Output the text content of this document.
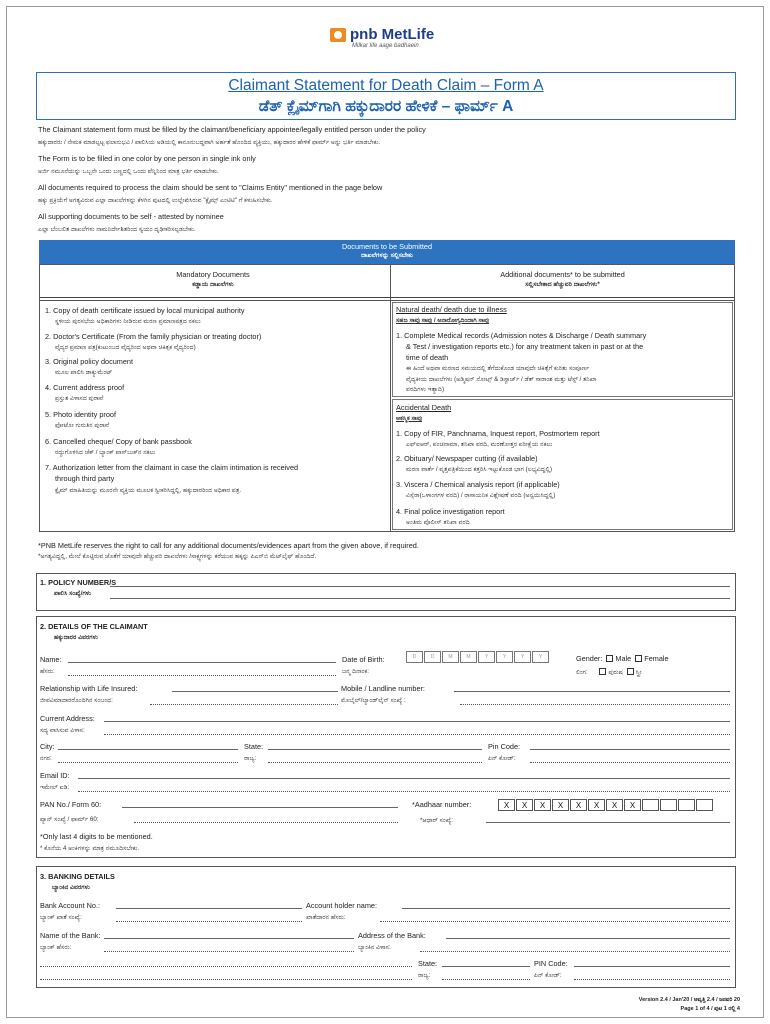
pnb MetLife
Milkar life aage badhaein
Claimant Statement for Death Claim – Form A
ಡೆತ್ ಕ್ಲೈಮ್‌ಗಾಗಿ ಹಕ್ಕುದಾರರ ಹೇಳಿಕೆ – ಫಾರ್ಮ್ A
The Claimant statement form must be filled by the claimant/beneficiary appointee/legally entitled person under the policy
ಹಕ್ಕುದಾರರು / ನೇಮಕ ಮಾಡಲ್ಪಟ್ಟ ಫಲಾನುಭವಿ / ಪಾಲಿಸಿಯ ಅಡಿಯಲ್ಲಿ ಕಾನೂನುಬದ್ಧವಾಗಿ ಅರ್ಹತೆ ಹೊಂದಿದ ವ್ಯಕ್ತಿಯು, ಹಕ್ಕುದಾರರ ಹೇಳಿಕೆ ಫಾರ್ಮ್ ಅನ್ನು ಭರ್ತಿ ಮಾಡಬೇಕು.
The Form is to be filled in one color by one person in single ink only
ಅರ್ಜಿ ನಮೂನೆಯನ್ನು ಒಬ್ಬನೇ ಒಂದು ಬಣ್ಣದಲ್ಲಿ ಒಂದು ಪೆನ್ನಿನಿಂದ ಮಾತ್ರ ಭರ್ತಿ ಮಾಡಬೇಕು.
All documents required to process the claim should be sent to "Claims Entity" mentioned in the page below
ಹಕ್ಕು ಪ್ರಕ್ರಿಯೆಗೆ ಅಗತ್ಯವಿರುವ ಎಲ್ಲಾ ದಾಖಲೆಗಳನ್ನು ಕೆಳಗಿನ ಪುಟದಲ್ಲಿ ಉಲ್ಲೇಖಿಸಿರುವ "ಕ್ಲೈಮ್ಸ್ ಎಂಟಿಟಿ" ಗೆ ಕಳುಹಿಸಬೇಕು.
All supporting documents to be self - attested by nominee
ಎಲ್ಲಾ ಬೆಂಬಲಿತ ದಾಖಲೆಗಳು ನಾಮನಿರ್ದೇಶಿತರಿಂದ ಸ್ವಯಂ ದೃಢೀಕರಿಸಲ್ಪಡಬೇಕು.
Documents to be Submitted
ದಾಖಲೆಗಳನ್ನು ಸಲ್ಲಿಸಬೇಕು
Mandatory Documents
ಕಡ್ಡಾಯ ದಾಖಲೆಗಳು
Additional documents* to be submitted
ಸಲ್ಲಿಸಬೇಕಾದ ಹೆಚ್ಚುವರಿ ದಾಖಲೆಗಳು*
1. Copy of death certificate issued by local municipal authority
ಸ್ಥಳೀಯ ಪುರಸಭೆಯ ಅಧಿಕಾರಿಗಳು ನೀಡಿರುವ ಮರಣ ಪ್ರಮಾಣಪತ್ರದ ನಕಲು
2. Doctor's Certificate (From the family physician or treating doctor)
ವೈದ್ಯರ ಪ್ರಮಾಣ ಪತ್ರ(ಕುಟುಂಬದ ವೈದ್ಯರಿಂದ ಅಥವಾ ಚಿಕಿತ್ಸಕ ವೈದ್ಯರಿಂದ)
3. Original policy document
ಮೂಲ ಪಾಲಿಸಿ ಡಾಕ್ಯುಮೆಂಟ್
4. Current address proof
ಪ್ರಸ್ತುತ ವಿಳಾಸದ ಪುರಾವೆ
5. Photo identity proof
ಫೋಟೋ ಗುರುತಿನ ಪುರಾವೆ
6. Cancelled cheque/ Copy of bank passbook
ರದ್ದುಗೊಳಿಸಿದ ಚೆಕ್ / ಬ್ಯಾಂಕ್ ಪಾಸ್‌ಬುಕ್‌ನ ನಕಲು
7. Authorization letter from the claimant in case the claim intimation is received
through third party
ಕ್ಲೈಮ್ ಮಾಹಿತಿಯನ್ನು ಮೂರನೇ ವ್ಯಕ್ತಿಯ ಮೂಲಕ ಸ್ವೀಕರಿಸಿದ್ದಲ್ಲಿ, ಹಕ್ಕುದಾರರಿಂದ ಅಧಿಕಾರ ಪತ್ರ.
Natural death/ death due to illness
ಸಹಜ ಸಾವು ಸಾವು / ಅನಾರೋಗ್ಯದಿಂದಾಗಿ ಸಾವು
1. Complete Medical records (Admission notes & Discharge / Death summary
& Test / investigation reports etc.) for any treatment taken in past or at the
time of death
ಈ ಹಿಂದೆ ಅಥವಾ ಮರಣದ ಸಮಯದಲ್ಲಿ ತೆಗೆದುಕೊಂಡ ಯಾವುದೇ ಚಿಕಿತ್ಸೆಗೆ ಕುರಿತು ಸಂಪೂರ್ಣ
ವೈದ್ಯಕೀಯ ದಾಖಲೆಗಳು (ಅಡ್ಮಿಷನ್ ನೋಟ್ಸ್ & ಡಿಸ್ಚಾರ್ಜ್ / ಡೆತ್ ಸಾರಾಂಶ ಮತ್ತು ಟೆಸ್ಟ್ / ತನಿಖಾ
ವರದಿಗಳು ಇತ್ಯಾದಿ)
Accidental Death
ಆಕಸ್ಮಿಕ ಸಾವು
1. Copy of FIR, Panchnama, Inquest report, Postmortem report
ಎಫ್ಐಆರ್, ಪಂಚನಾಮಾ, ತನಿಖಾ ವರದಿ, ಮರಣೋತ್ತರ ಪರೀಕ್ಷೆಯ ನಕಲು
2. Obituary/ Newspaper cutting (if available)
ಮರಣ ವಾರ್ತೆ / ವೃತ್ತಪತ್ರಿಕೆಯಿಂದ ಕತ್ತರಿಸಿ ಇಟ್ಟುಕೊಂಡ ಭಾಗ (ಲಭ್ಯವಿದ್ದಲ್ಲಿ)
3. Viscera / Chemical analysis report (if applicable)
ವಿಸ್ಸೆರಾ(ಒಳಾಂಗಗಳ ವರದಿ) / ರಾಸಾಯನಿಕ ವಿಶ್ಲೇಷಣೆ ವರದಿ (ಅನ್ವಯಿಸಿದ್ದಲ್ಲಿ)
4. Final police investigation report
ಅಂತಿಮ ಪೊಲೀಸ್ ತನಿಖಾ ವರದಿ
*PNB MetLife reserves the right to call for any additional documents/evidences apart from the given above, if required.
*ಅಗತ್ಯವಿದ್ದಲ್ಲಿ, ಮೇಲೆ ಕೊಟ್ಟಿರುವ ಜೊತೆಗೆ ಯಾವುದೇ ಹೆಚ್ಚುವರಿ ದಾಖಲೆಗಳು /ಸಾಕ್ಷ್ಯಗಳನ್ನು ಕರೆಯುವ ಹಕ್ಕನ್ನು ಪಿಎನ್‌ಬಿ ಮೆಟ್‌ಲೈಫ್ ಹೊಂದಿದೆ.
1. POLICY NUMBER/S
ಪಾಲಿಸಿ ಸಂಖ್ಯೆ/ಗಳು
2. DETAILS OF THE CLAIMANT
ಹಕ್ಕುದಾರರ ವಿವರಗಳು
Name:
ಹೆಸರು:
Date of Birth:
ಜನ್ಮ ದಿನಾಂಕ:
D	D	M	M	Y	Y	Y	Y	Gender: Male Female
ಲಿಂಗ:	ಪುರುಷ ಸ್ತ್ರೀ
Relationship with Life Insured:
ಜೀವವಿಮಾದಾರರೊಂದಿಗಿನ ಸಂಬಂಧ:
Mobile / Landline number:
ಮೊಬೈಲ್/ಲ್ಯಾಂಡ್‌ಲೈನ್ ಸಂಖ್ಯೆ :
Current Address:
ಸದ್ಯ ವಾಸಿಸುವ ವಿಳಾಸ:
City:
ನಗರ:
State:
ರಾಜ್ಯ:
Pin Code:
ಪಿನ್ ಕೋಡ್:
Email ID:
ಇಮೇಲ್ ಐಡಿ:
PAN No./ Form 60:
ಪ್ಯಾನ್ ಸಂಖ್ಯೆ / ಫಾರ್ಮ್ 60:
*Aadhaar number:
*ಆಧಾರ್ ಸಂಖ್ಯೆ:
X	X	X	X	X	X	X	X
*Only last 4 digits to be mentioned.
* ಕೊನೆಯ 4 ಅಂಕಿಗಳನ್ನು ಮಾತ್ರ ನಮೂದಿಸಬೇಕು.
3. BANKING DETAILS
ಬ್ಯಾಂಕಿನ ವಿವರಗಳು
Bank Account No.:
ಬ್ಯಾಂಕ್ ಖಾತೆ ಸಂಖ್ಯೆ:
Account holder name:
ಖಾತೆದಾರನ ಹೆಸರು:
Name of the Bank:
ಬ್ಯಾಂಕ್ ಹೆಸರು:
Address of the Bank:
ಬ್ಯಾಂಕಿನ ವಿಳಾಸ:
State:	PIN Code:
ರಾಜ್ಯ:	ಪಿನ್ ಕೋಡ್:
Version 2.4 / Jan'20 / ಆವೃತ್ತಿ 2.4 / ಜನವರಿ 20
Page 1 of 4 / ಪುಟ 1 ರಲ್ಲಿ 4
